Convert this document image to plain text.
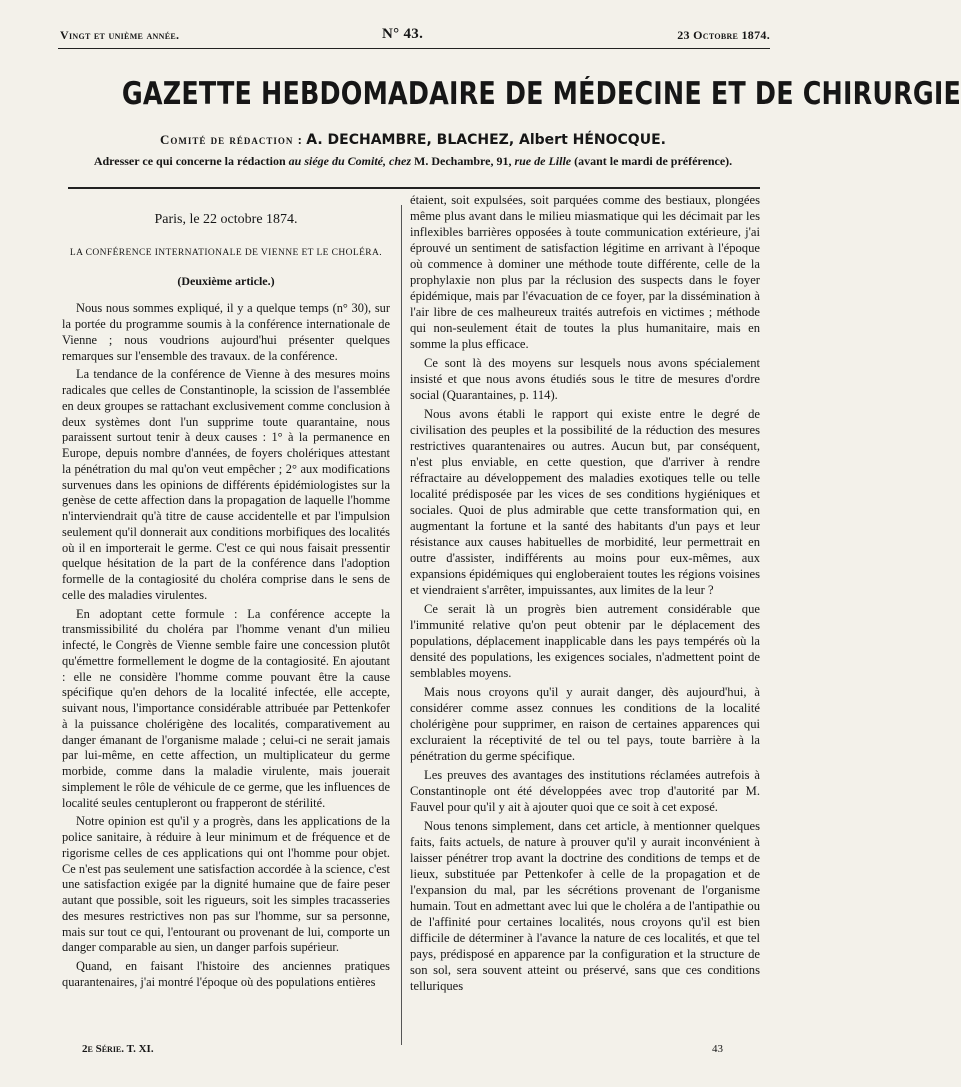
Vingt et unième année.	N° 43.	23 Octobre 1874.
GAZETTE HEBDOMADAIRE DE MÉDECINE ET DE CHIRURGIE
Comité de rédaction : A. DECHAMBRE, BLACHEZ, Albert HÉNOCQUE.
Adresser ce qui concerne la rédaction au siége du Comité, chez M. Dechambre, 91, rue de Lille (avant le mardi de préférence).
Paris, le 22 octobre 1874.
LA CONFÉRENCE INTERNATIONALE DE VIENNE ET LE CHOLÉRA.
(Deuxième article.)

Nous nous sommes expliqué, il y a quelque temps (n° 30), sur la portée du programme soumis à la conférence internationale de Vienne ; nous voudrions aujourd'hui présenter quelques remarques sur l'ensemble des travaux. de la conférence.

La tendance de la conférence de Vienne à des mesures moins radicales que celles de Constantinople, la scission de l'assemblée en deux groupes se rattachant exclusivement comme conclusion à deux systèmes dont l'un supprime toute quarantaine, nous paraissent surtout tenir à deux causes : 1° à la permanence en Europe, depuis nombre d'années, de foyers cholériques attestant la pénétration du mal qu'on veut empêcher ; 2° aux modifications survenues dans les opinions de différents épidémiologistes sur la genèse de cette affection dans la propagation de laquelle l'homme n'interviendrait qu'à titre de cause accidentelle et par l'impulsion seulement qu'il donnerait aux conditions morbifiques des localités où il en importerait le germe. C'est ce qui nous faisait pressentir quelque hésitation de la part de la conférence dans l'adoption formelle de la contagiosité du choléra comprise dans le sens de celle des maladies virulentes.

En adoptant cette formule : La conférence accepte la transmissibilité du choléra par l'homme venant d'un milieu infecté, le Congrès de Vienne semble faire une concession plutôt qu'émettre formellement le dogme de la contagiosité. En ajoutant : elle ne considère l'homme comme pouvant être la cause spécifique qu'en dehors de la localité infectée, elle accepte, suivant nous, l'importance considérable attribuée par Pettenkofer à la puissance cholérigène des localités, comparativement au danger émanant de l'organisme malade ; celui-ci ne serait jamais par lui-même, en cette affection, un multiplicateur du germe morbide, comme dans la maladie virulente, mais jouerait simplement le rôle de véhicule de ce germe, que les influences de localité seules centupleront ou frapperont de stérilité.

Notre opinion est qu'il y a progrès, dans les applications de la police sanitaire, à réduire à leur minimum et de fréquence et de rigorisme celles de ces applications qui ont l'homme pour objet. Ce n'est pas seulement une satisfaction accordée à la science, c'est une satisfaction exigée par la dignité humaine que de faire peser autant que possible, soit les rigueurs, soit les simples tracasseries des mesures restrictives non pas sur l'homme, sur sa personne, mais sur tout ce qui, l'entourant ou provenant de lui, comporte un danger comparable au sien, un danger parfois supérieur.

Quand, en faisant l'histoire des anciennes pratiques quarantenaires, j'ai montré l'époque où des populations entières

étaient, soit expulsées, soit parquées comme des bestiaux, plongées même plus avant dans le milieu miasmatique qui les décimait par les inflexibles barrières opposées à toute communication extérieure, j'ai éprouvé un sentiment de satisfaction légitime en arrivant à l'époque où commence à dominer une méthode toute différente, celle de la prophylaxie non plus par la réclusion des suspects dans le foyer épidémique, mais par l'évacuation de ce foyer, par la dissémination à l'air libre de ces malheureux traités autrefois en victimes ; méthode qui non-seulement était de toutes la plus humanitaire, mais en somme la plus efficace.

Ce sont là des moyens sur lesquels nous avons spécialement insisté et que nous avons étudiés sous le titre de mesures d'ordre social (Quarantaines, p. 114).

Nous avons établi le rapport qui existe entre le degré de civilisation des peuples et la possibilité de la réduction des mesures restrictives quarantenaires ou autres. Aucun but, par conséquent, n'est plus enviable, en cette question, que d'arriver à rendre réfractaire au développement des maladies exotiques telle ou telle localité prédisposée par les vices de ses conditions hygiéniques et sociales. Quoi de plus admirable que cette transformation qui, en augmentant la fortune et la santé des habitants d'un pays et leur résistance aux causes habituelles de morbidité, leur permettrait en outre d'assister, indifférents au moins pour eux-mêmes, aux expansions épidémiques qui engloberaient toutes les régions voisines et viendraient s'arrêter, impuissantes, aux limites de la leur ?

Ce serait là un progrès bien autrement considérable que l'immunité relative qu'on peut obtenir par le déplacement des populations, déplacement inapplicable dans les pays tempérés où la densité des populations, les exigences sociales, n'admettent point de semblables moyens.

Mais nous croyons qu'il y aurait danger, dès aujourd'hui, à considérer comme assez connues les conditions de la localité cholérigène pour supprimer, en raison de certaines apparences qui excluraient la réceptivité de tel ou tel pays, toute barrière à la pénétration du germe spécifique.

Les preuves des avantages des institutions réclamées autrefois à Constantinople ont été développées avec trop d'autorité par M. Fauvel pour qu'il y ait à ajouter quoi que ce soit à cet exposé.

Nous tenons simplement, dans cet article, à mentionner quelques faits, faits actuels, de nature à prouver qu'il y aurait inconvénient à laisser pénétrer trop avant la doctrine des conditions de temps et de lieux, substituée par Pettenkofer à celle de la propagation et de l'expansion du mal, par les sécrétions provenant de l'organisme humain. Tout en admettant avec lui que le choléra a de l'antipathie ou de l'affinité pour certaines localités, nous croyons qu'il est bien difficile de déterminer à l'avance la nature de ces localités, et que tel pays, prédisposé en apparence par la configuration et la structure de son sol, sera souvent atteint ou préservé, sans que ces conditions telluriques

2e Série. T. XI.	43
